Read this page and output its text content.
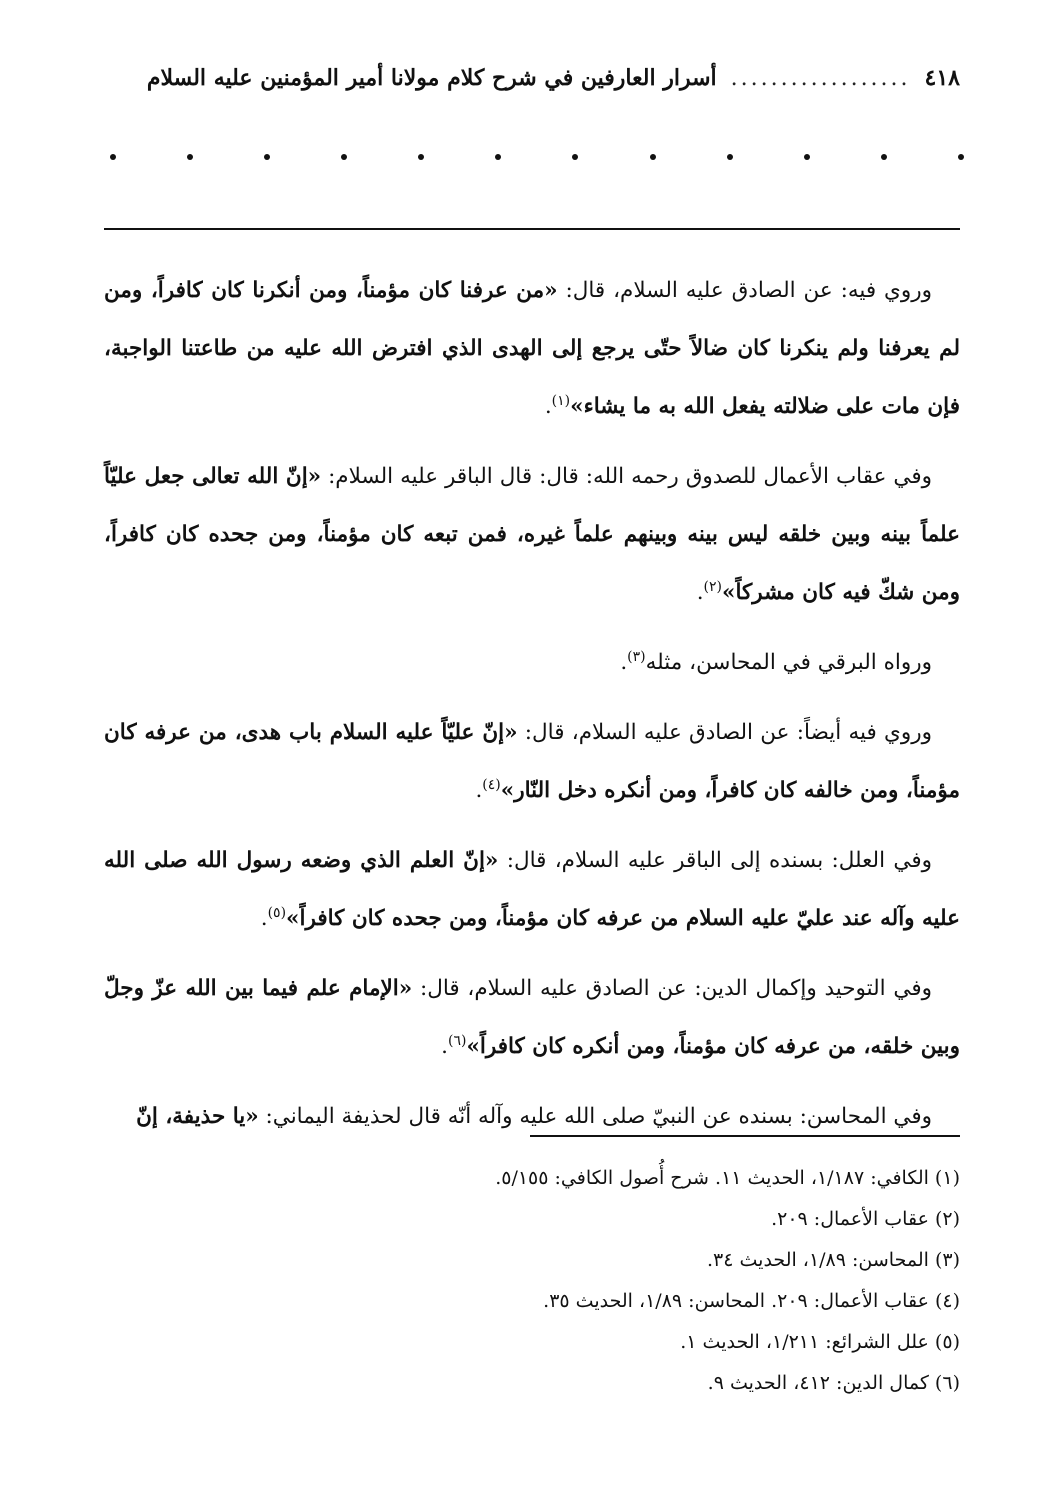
٤١٨
..................
أسرار العارفين في شرح كلام مولانا أمير المؤمنين عليه السلام

وروي فيه: عن الصادق عليه السلام، قال: «من عرفنا كان مؤمناً، ومن أنكرنا كان كافراً، ومن لم يعرفنا ولم ينكرنا كان ضالاً حتّى يرجع إلى الهدى الذي افترض الله عليه من طاعتنا الواجبة، فإن مات على ضلالته يفعل الله به ما يشاء»$^{(١)}$.

وفي عقاب الأعمال للصدوق رحمه الله: قال: قال الباقر عليه السلام: «إنّ الله تعالى جعل عليّاً علماً بينه وبين خلقه ليس بينه وبينهم علماً غيره، فمن تبعه كان مؤمناً، ومن جحده كان كافراً، ومن شكّ فيه كان مشركاً»$^{(٢)}$.

ورواه البرقي في المحاسن، مثله$^{(٣)}$.

وروي فيه أيضاً: عن الصادق عليه السلام، قال: «إنّ عليّاً عليه السلام باب هدى، من عرفه كان مؤمناً، ومن خالفه كان كافراً، ومن أنكره دخل النّار»$^{(٤)}$.

وفي العلل: بسنده إلى الباقر عليه السلام، قال: «إنّ العلم الذي وضعه رسول الله صلى الله عليه وآله عند عليّ عليه السلام من عرفه كان مؤمناً، ومن جحده كان كافراً»$^{(٥)}$.

وفي التوحيد وإكمال الدين: عن الصادق عليه السلام، قال: «الإمام علم فيما بين الله عزّ وجلّ وبين خلقه، من عرفه كان مؤمناً، ومن أنكره كان كافراً»$^{(٦)}$.

وفي المحاسن: بسنده عن النبيّ صلى الله عليه وآله أنّه قال لحذيفة اليماني: «يا حذيفة، إنّ

(١) الكافي: ١/١٨٧، الحديث ١١. شرح أُصول الكافي: ٥/١٥٥.
(٢) عقاب الأعمال: ٢٠٩.
(٣) المحاسن: ١/٨٩، الحديث ٣٤.
(٤) عقاب الأعمال: ٢٠٩. المحاسن: ١/٨٩، الحديث ٣٥.
(٥) علل الشرائع: ١/٢١١، الحديث ١.
(٦) كمال الدين: ٤١٢، الحديث ٩.
